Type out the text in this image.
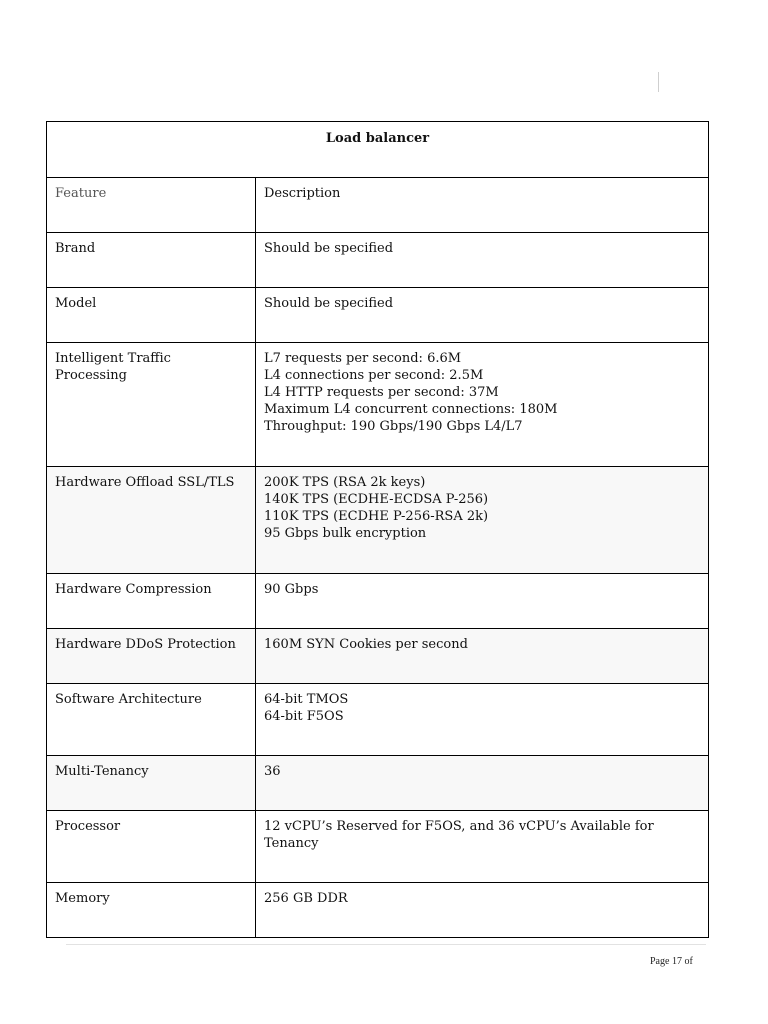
Load balancer	
Feature	Description
Brand	Should be specified

Model	Should be specified

Intelligent Traffic Processing	L7 requests per second: 6.6M
L4 connections per second: 2.5M
L4 HTTP requests per second: 37M
Maximum L4 concurrent connections: 180M
Throughput: 190 Gbps/190 Gbps L4/L7

Hardware Offload SSL/TLS	200K TPS (RSA 2k keys)
140K TPS (ECDHE-ECDSA P-256)
110K TPS (ECDHE P-256-RSA 2k)
95 Gbps bulk encryption

Hardware Compression	90 Gbps

Hardware DDoS Protection	160M SYN Cookies per second

Software Architecture	64-bit TMOS
64-bit F5OS

Multi-Tenancy	36

Processor	12 vCPU’s Reserved for F5OS, and 36 vCPU’s Available for Tenancy

Memory	256 GB DDR
Page 17 of
